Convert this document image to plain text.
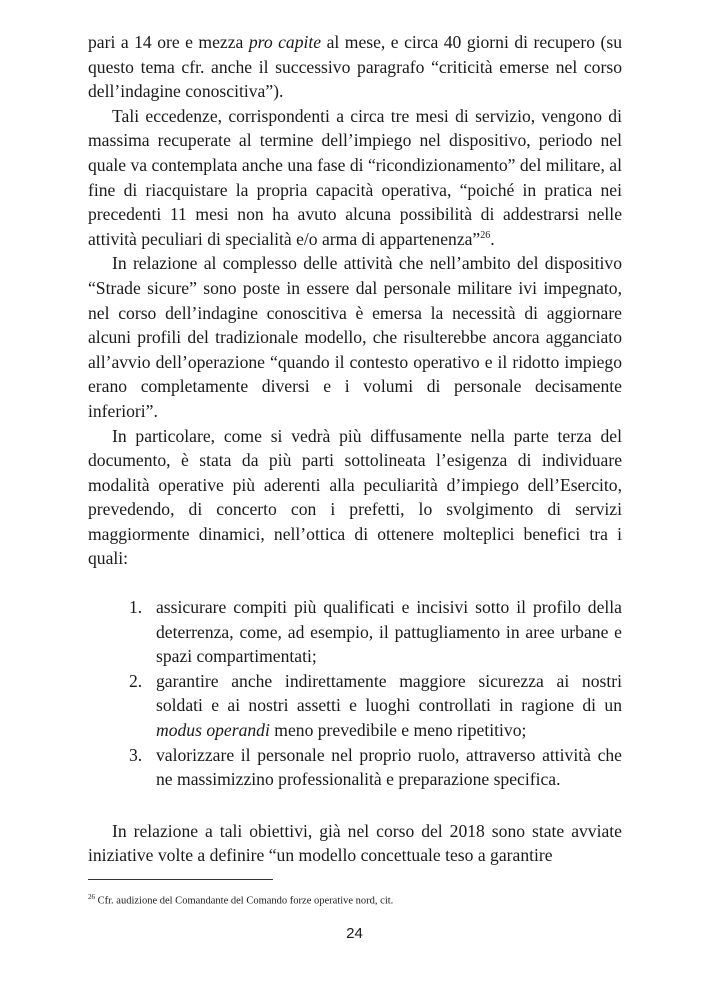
pari a 14 ore e mezza pro capite al mese, e circa 40 giorni di recupero (su questo tema cfr. anche il successivo paragrafo “criticità emerse nel corso dell’indagine conoscitiva”).

Tali eccedenze, corrispondenti a circa tre mesi di servizio, vengono di massima recuperate al termine dell’impiego nel dispositivo, periodo nel quale va contemplata anche una fase di “ricondizionamento” del militare, al fine di riacquistare la propria capacità operativa, “poiché in pratica nei precedenti 11 mesi non ha avuto alcuna possibilità di addestrarsi nelle attività peculiari di specialità e/o arma di appartenenza”$^{26}$.

In relazione al complesso delle attività che nell’ambito del dispositivo “Strade sicure” sono poste in essere dal personale militare ivi impegnato, nel corso dell’indagine conoscitiva è emersa la necessità di aggiornare alcuni profili del tradizionale modello, che risulterebbe ancora agganciato all’avvio dell’operazione “quando il contesto operativo e il ridotto impiego erano completamente diversi e i volumi di personale decisamente inferiori”.

In particolare, come si vedrà più diffusamente nella parte terza del documento, è stata da più parti sottolineata l’esigenza di individuare modalità operative più aderenti alla peculiarità d’impiego dell’Esercito, prevedendo, di concerto con i prefetti, lo svolgimento di servizi maggiormente dinamici, nell’ottica di ottenere molteplici benefici tra i quali:

1. assicurare compiti più qualificati e incisivi sotto il profilo della deterrenza, come, ad esempio, il pattugliamento in aree urbane e spazi compartimentati;
2. garantire anche indirettamente maggiore sicurezza ai nostri soldati e ai nostri assetti e luoghi controllati in ragione di un modus operandi meno prevedibile e meno ripetitivo;
3. valorizzare il personale nel proprio ruolo, attraverso attività che ne massimizzino professionalità e preparazione specifica.

In relazione a tali obiettivi, già nel corso del 2018 sono state avviate iniziative volte a definire “un modello concettuale teso a garantire

$^{26}$ Cfr. audizione del Comandante del Comando forze operative nord, cit.
24
